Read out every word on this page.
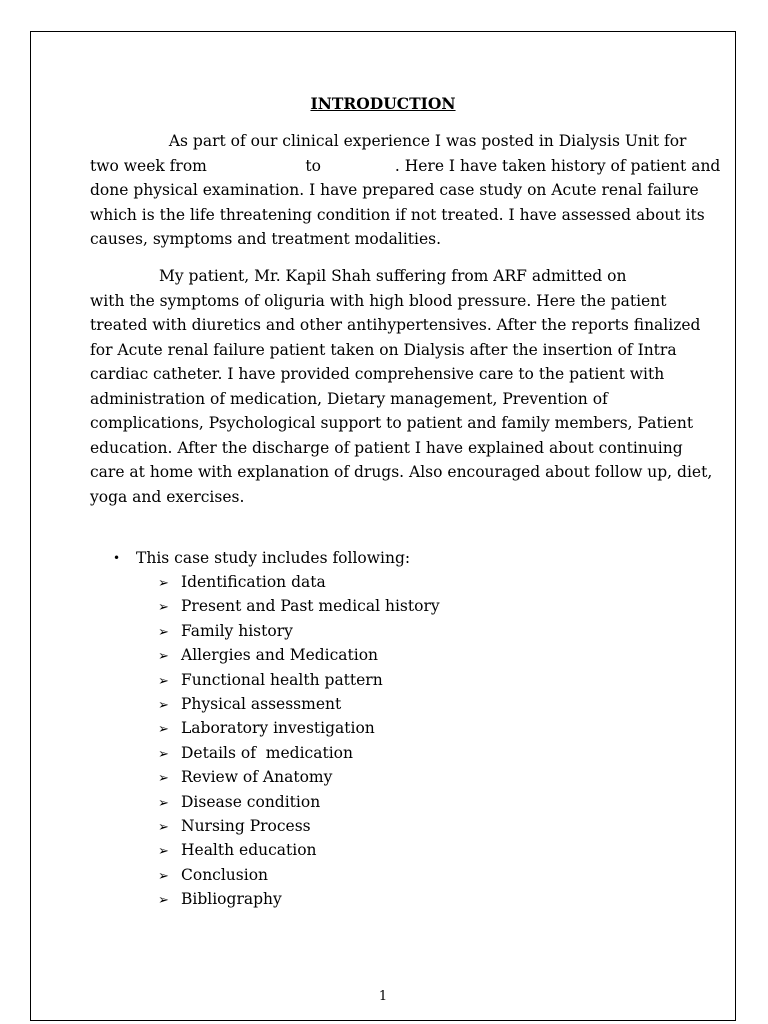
INTRODUCTION
As part of our clinical experience I was posted in Dialysis Unit for
two week from                    to               . Here I have taken history of patient and
done physical examination. I have prepared case study on Acute renal failure
which is the life threatening condition if not treated. I have assessed about its
causes, symptoms and treatment modalities.
My patient, Mr. Kapil Shah suffering from ARF admitted on
with the symptoms of oliguria with high blood pressure. Here the patient
treated with diuretics and other antihypertensives. After the reports finalized
for Acute renal failure patient taken on Dialysis after the insertion of Intra
cardiac catheter. I have provided comprehensive care to the patient with
administration of medication, Dietary management, Prevention of
complications, Psychological support to patient and family members, Patient
education. After the discharge of patient I have explained about continuing
care at home with explanation of drugs. Also encouraged about follow up, diet,
yoga and exercises.
• This case study includes following:
➢ Identification data
➢ Present and Past medical history
➢ Family history
➢ Allergies and Medication
➢ Functional health pattern
➢ Physical assessment
➢ Laboratory investigation
➢ Details of  medication
➢ Review of Anatomy
➢ Disease condition
➢ Nursing Process
➢ Health education
➢ Conclusion
➢ Bibliography
1
